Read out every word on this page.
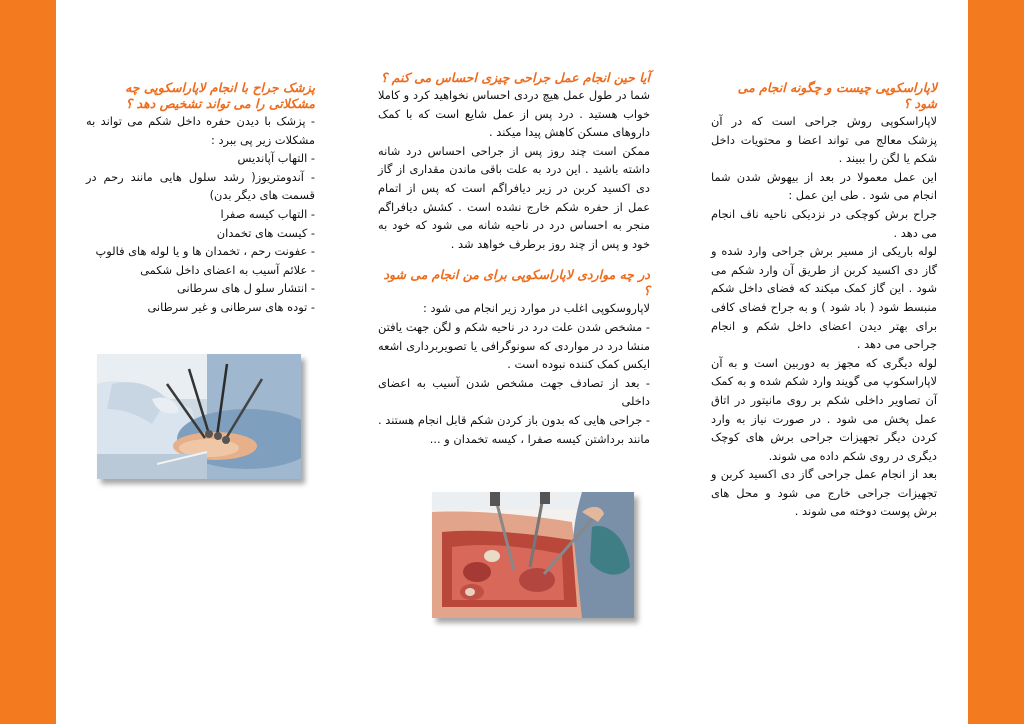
لاپاراسکوپی چیست و چگونه انجام می شود ؟

لاپاراسکوپی روش جراحی است که در آن پزشک معالج می تواند اعضا و محتویات داخل شکم یا لگن را ببیند .

این عمل معمولا در بعد از بیهوش شدن شما انجام می شود . طی این عمل :

جراح برش کوچکی در نزدیکی ناحیه ناف انجام می دهد .

لوله باریکی از مسیر برش جراحی وارد شده و گاز دی اکسید کربن از طریق آن وارد شکم می شود . این گاز کمک میکند که فضای داخل شکم منبسط شود ( باد شود ) و به جراح فضای کافی برای بهتر دیدن اعضای داخل شکم و انجام جراحی می دهد .

لوله دیگری که مجهز به دوربین است و به آن لاپاراسکوپ می گویند وارد شکم شده و به کمک آن تصاویر داخلی شکم بر روی مانیتور در اتاق عمل پخش می شود . در صورت نیاز به وارد کردن دیگر تجهیزات جراحی برش های کوچک دیگری در روی شکم داده می شوند.

بعد از انجام عمل جراحی گاز دی اکسید کربن و تجهیزات جراحی خارج می شود و محل های برش پوست دوخته می شوند .

آیا حین انجام عمل جراحی چیزی احساس می کنم ؟

شما در طول عمل هیچ دردی احساس نخواهید کرد و کاملا خواب هستید . درد پس از عمل شایع است که با کمک داروهای مسکن کاهش پیدا میکند .

ممکن است چند روز پس از جراحی احساس درد شانه داشته باشید . این درد به علت باقی ماندن مقداری از گاز دی اکسید کربن در زیر دیافراگم است که پس از اتمام عمل از حفره شکم خارج نشده است . کشش دیافراگم منجر به احساس درد در ناحیه شانه می شود که خود به خود و پس از چند روز برطرف خواهد شد .

در چه مواردی لاپاراسکوپی برای من انجام می شود ؟

لاپاروسکوپی اغلب در موارد زیر انجام می شود :

- مشخص شدن علت درد در ناحیه شکم و لگن جهت یافتن منشا درد در مواردی که سونوگرافی یا تصویربرداری اشعه ایکس کمک کننده نبوده است .
- بعد از تصادف جهت مشخص شدن آسیب به اعضای داخلی
- جراحی هایی که بدون باز کردن شکم قابل انجام هستند . مانند برداشتن کیسه صفرا ، کیسه تخمدان و ...
پزشک جراح با انجام لاپاراسکوپی چه مشکلاتی را می تواند تشخیص دهد ؟

- پزشک با دیدن حفره داخل شکم می تواند به مشکلات زیر پی ببرد :

- التهاب آپاندیس
- آندومتریوز( رشد سلول هایی مانند رحم در قسمت های دیگر بدن)
- التهاب کیسه صفرا
- کیست های تخمدان
- عفونت رحم ، تخمدان ها و یا لوله های فالوپ
- علائم آسیب به اعضای داخل شکمی
- انتشار سلو ل های سرطانی
- توده های سرطانی و غیر سرطانی
